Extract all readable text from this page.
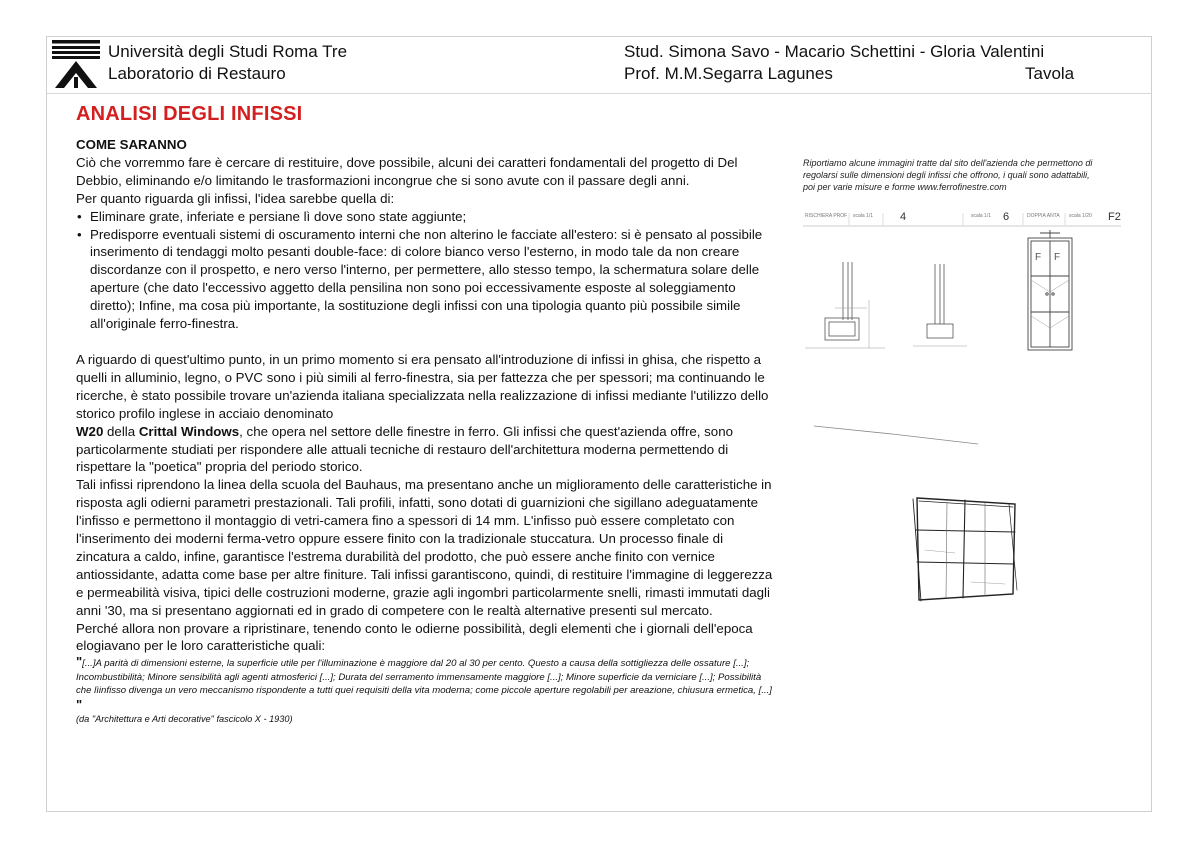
Università degli Studi Roma Tre
Laboratorio di Restauro
Stud. Simona Savo - Macario Schettini - Gloria Valentini
Prof. M.M.Segarra Lagunes	Tavola
ANALISI DEGLI INFISSI

COME SARANNO

Ciò che vorremmo fare è cercare di restituire, dove possibile, alcuni dei caratteri fondamentali del progetto di Del Debbio, eliminando e/o limitando le trasformazioni incongrue che si sono avute con il passare degli anni.

Per quanto riguarda gli infissi, l'idea sarebbe quella di:

• Eliminare grate, inferiate e persiane lì dove sono state aggiunte;
• Predisporre eventuali sistemi di oscuramento interni che non alterino le facciate all'estero: si è pensato al possibile inserimento di tendaggi molto pesanti double-face: di colore bianco verso l'esterno, in modo tale da non creare discordanze con il prospetto, e nero verso l'interno, per permettere, allo stesso tempo, la schermatura solare delle aperture (che dato l'eccessivo aggetto della pensilina non sono poi eccessivamente esposte al soleggiamento diretto); Infine, ma cosa più importante, la sostituzione degli infissi con una tipologia quanto più possibile simile all'originale ferro-finestra.

A riguardo di quest'ultimo punto, in un primo momento si era pensato all'introduzione di infissi in ghisa, che rispetto a quelli in alluminio, legno, o PVC sono i più simili al ferro-finestra, sia per fattezza che per spessori; ma continuando le ricerche, è stato possibile trovare un'azienda italiana specializzata nella realizzazione di infissi mediante l'utilizzo dello storico profilo inglese in acciaio denominato
W20 della Crittal Windows, che opera nel settore delle finestre in ferro. Gli infissi che quest'azienda offre, sono particolarmente studiati per rispondere alle attuali tecniche di restauro dell'architettura moderna permettendo di rispettare la "poetica" propria del periodo storico.

Tali infissi riprendono la linea della scuola del Bauhaus, ma presentano anche un miglioramento delle caratteristiche in risposta agli odierni parametri prestazionali. Tali profili, infatti, sono dotati di guarnizioni che sigillano adeguatamente l'infisso e permettono il montaggio di vetri-camera fino a spessori di 14 mm. L'infisso può essere completato con l'inserimento dei moderni ferma-vetro oppure essere finito con la tradizionale stuccatura. Un processo finale di zincatura a caldo, infine, garantisce l'estrema durabilità del prodotto, che può essere anche finito con vernice antiossidante, adatta come base per altre finiture. Tali infissi garantiscono, quindi, di restituire l'immagine di leggerezza e permeabilità visiva, tipici delle costruzioni moderne, grazie agli ingombri particolarmente snelli, rimasti immutati dagli anni '30, ma si presentano aggiornati ed in grado di competere con le realtà alternative presenti sul mercato.

Perché allora non provare a ripristinare, tenendo conto le odierne possibilità, degli elementi che i giornali dell'epoca elogiavano per le loro caratteristiche quali:

"[...]A parità di dimensioni esterne, la superficie utile per l'illuminazione è maggiore dal 20 al 30 per cento. Questo a causa della sottigliezza delle ossature [...]; Incombustibilità; Minore sensibilità agli agenti atmosferici [...]; Durata del serramento immensamente maggiore [...]; Minore superficie da verniciare [...]; Possibilità che lìinfisso divenga un vero meccanismo rispondente a tutti quei requisiti della vita moderna; come piccole aperture regolabili per areazione, chiusura ermetica, [...] "

(da "Architettura e Arti decorative" fascicolo X - 1930)

Riportiamo alcune immagini tratte dal sito dell'azienda che permettono di regolarsi sulle dimensioni degli infissi che offrono, i quali sono adattabili, poi per varie misure e forme www.ferrofinestre.com
RISCHIERA PROF scala 1/1 4	scala 1/1 6	DOPPIA ANTA scala 1/20 F2
F F
